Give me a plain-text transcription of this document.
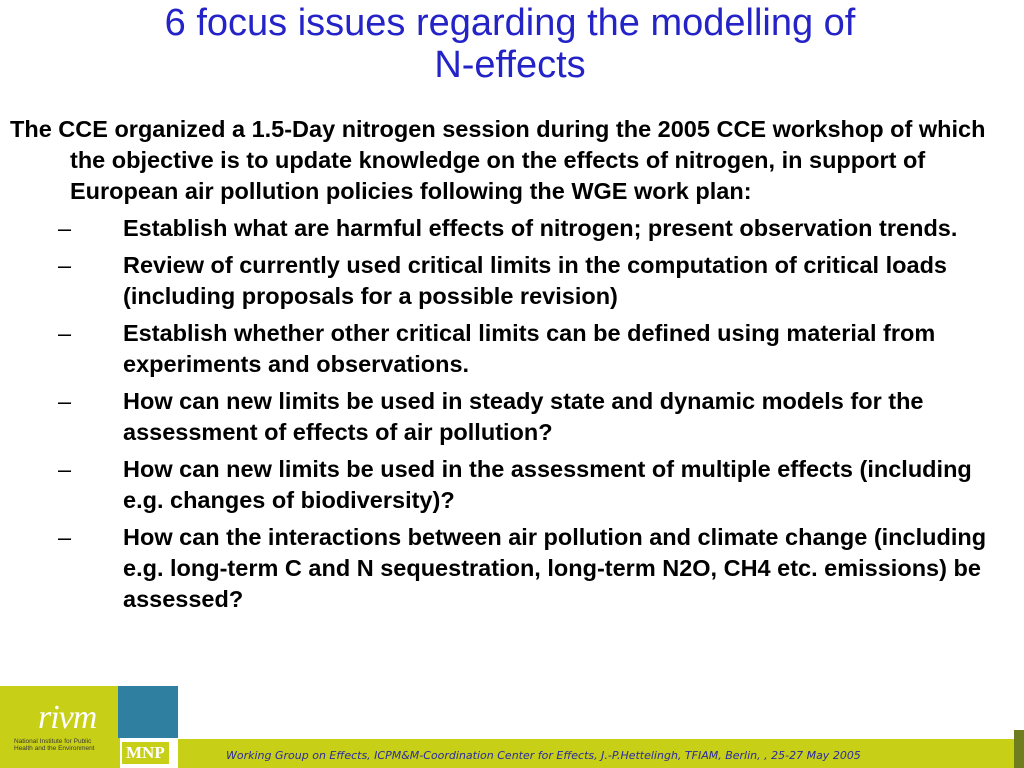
6 focus issues regarding the modelling of
N-effects

The CCE organized a 1.5-Day nitrogen session during the 2005 CCE workshop of which the objective is to update knowledge on the effects of nitrogen, in support of European air pollution policies following the WGE work plan:

– Establish what are harmful effects of nitrogen; present observation trends.
– Review of currently used critical limits in the computation of critical loads (including proposals for a possible revision)
– Establish whether other critical limits can be defined using material from experiments and observations.
– How can new limits be used in steady state and dynamic models for the assessment of effects of air pollution?
– How can new limits be used in the assessment of multiple effects (including e.g. changes of biodiversity)?
– How can the interactions between air pollution and climate change (including e.g. long-term C and N sequestration, long-term N2O, CH4 etc. emissions) be assessed?
rivm
National Institute for Public Health and the Environment	MNP	Working Group on Effects, ICPM&M-Coordination Center for Effects, J.-P.Hettelingh, TFIAM, Berlin, , 25-27 May 2005
